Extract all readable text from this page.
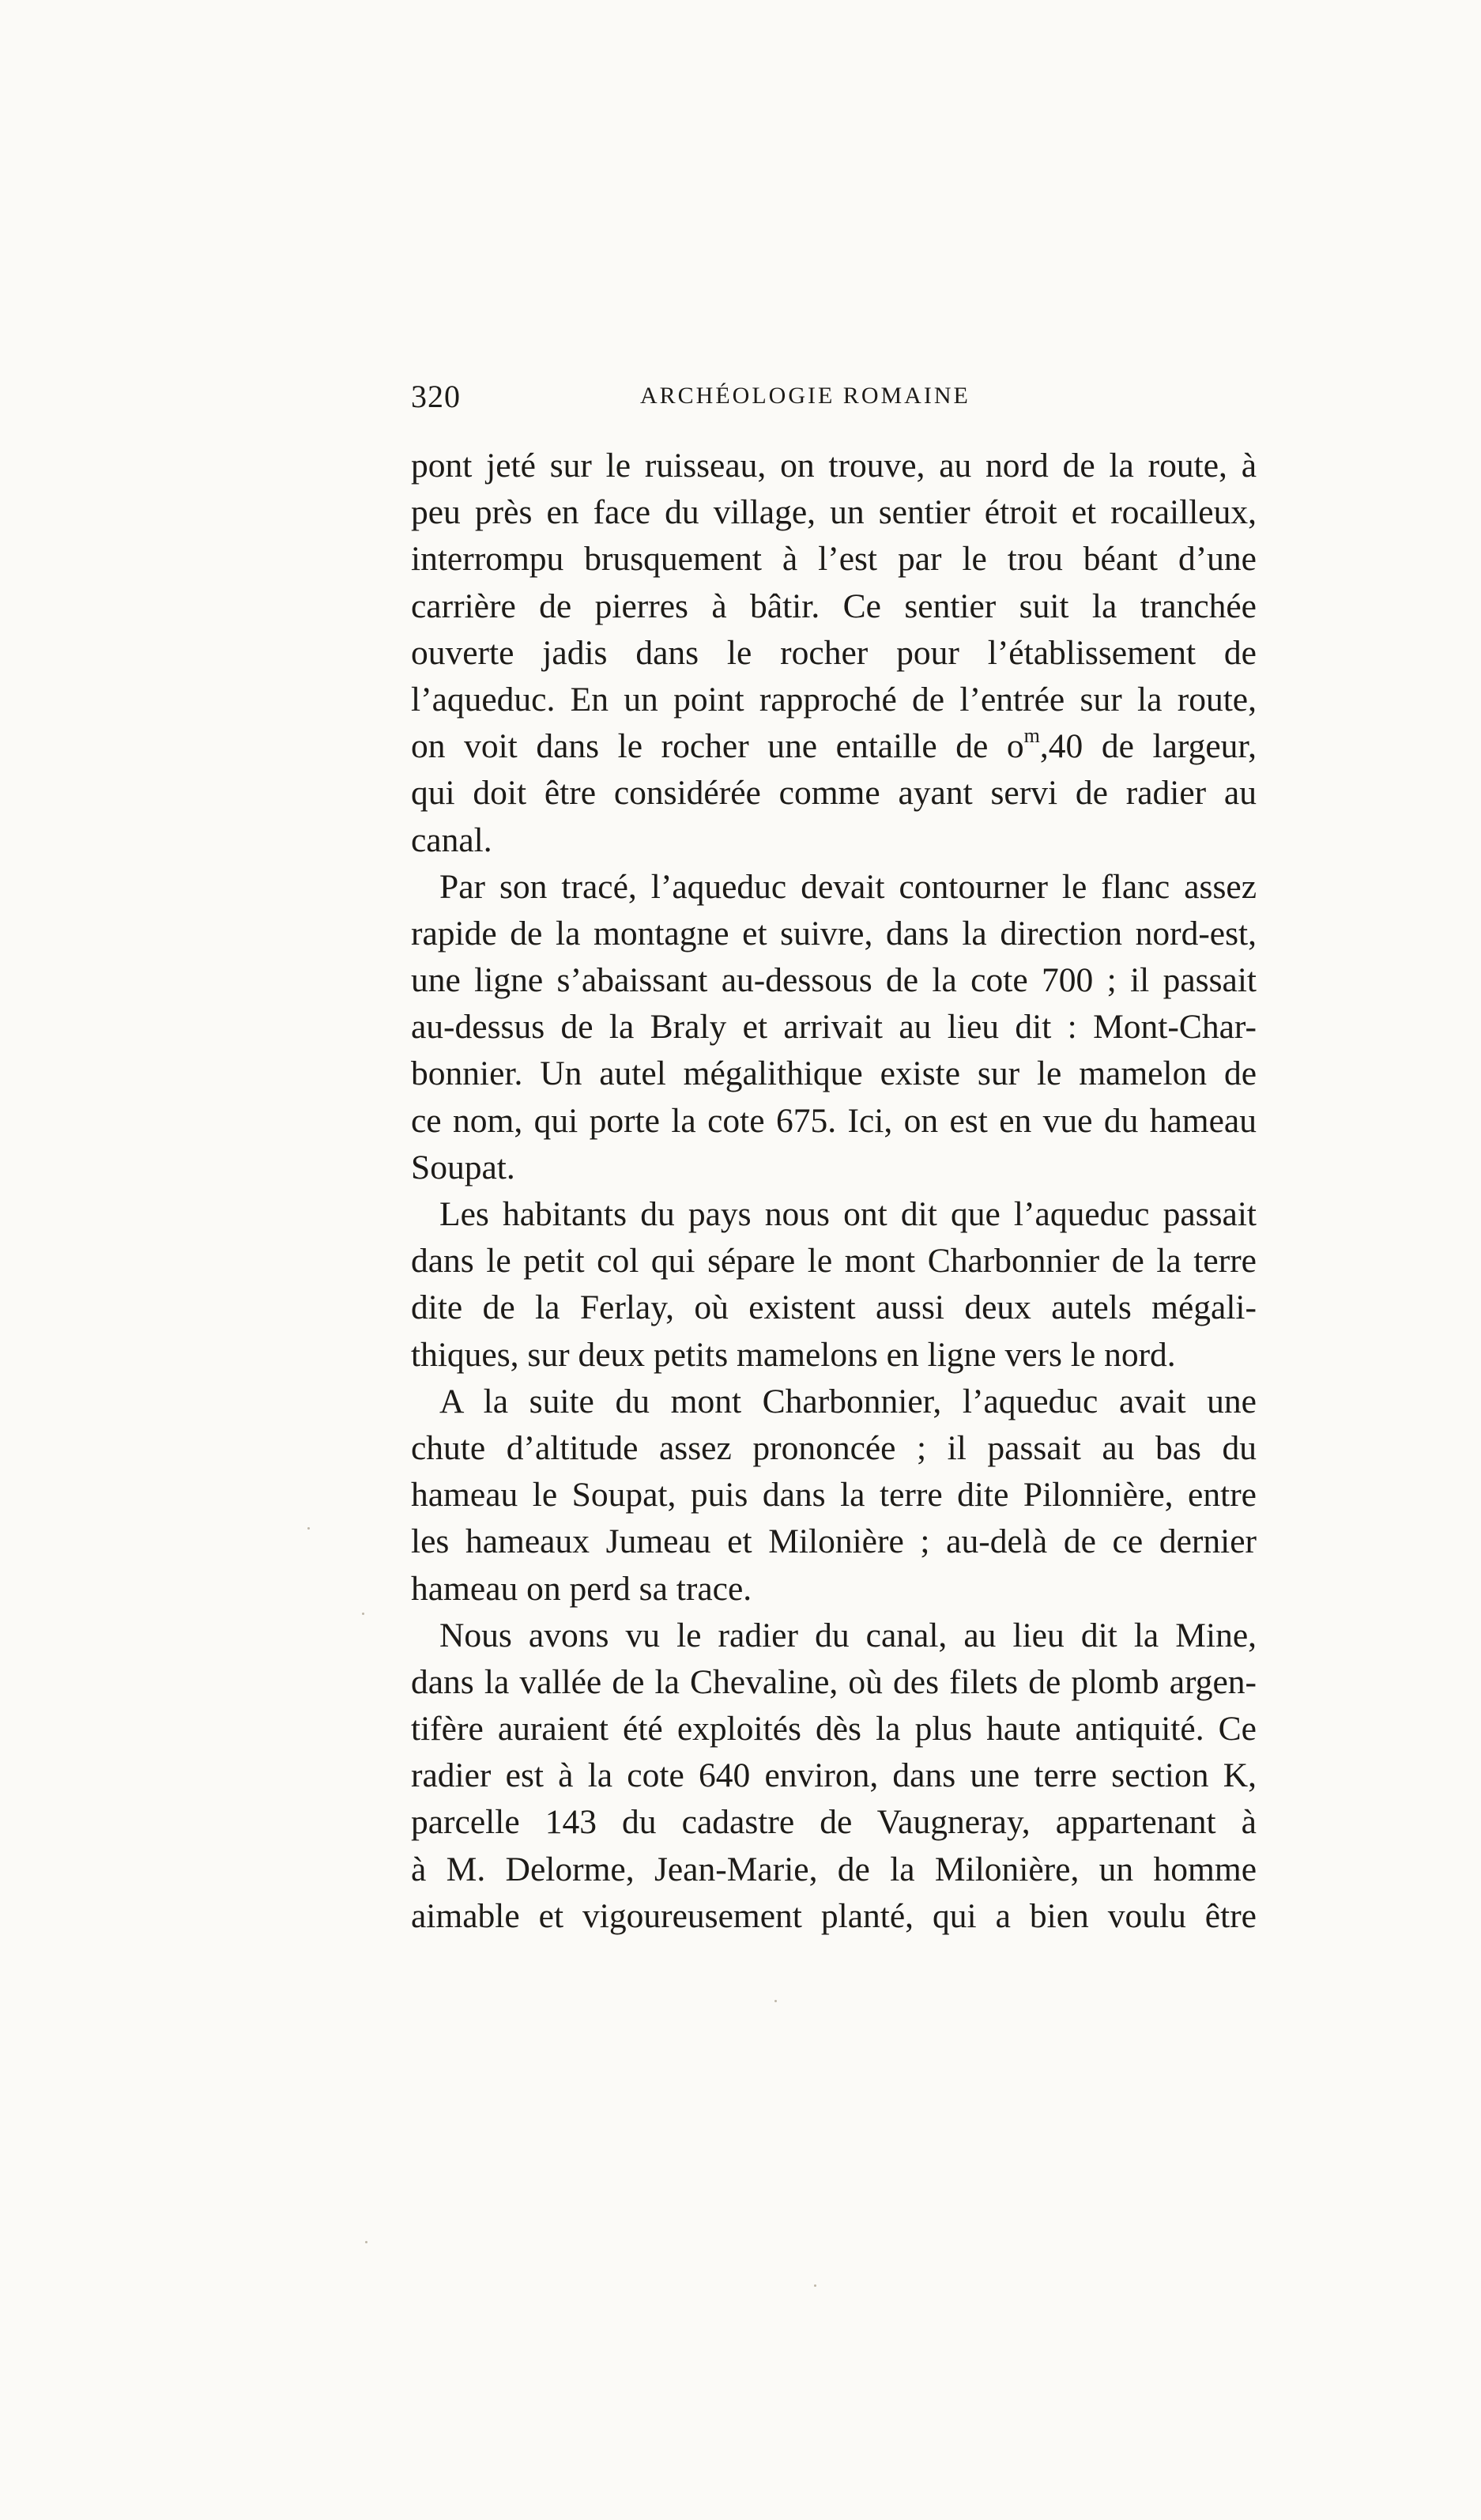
320	ARCHÉOLOGIE ROMAINE
pont jeté sur le ruisseau, on trouve, au nord de la route, à
peu près en face du village, un sentier étroit et rocailleux,
interrompu brusquement à l’est par le trou béant d’une
carrière de pierres à bâtir. Ce sentier suit la tranchée
ouverte jadis dans le rocher pour l’établissement de
l’aqueduc. En un point rapproché de l’entrée sur la route,
on voit dans le rocher une entaille de $o^m,40$ de largeur,
qui doit être considérée comme ayant servi de radier au
canal.
Par son tracé, l’aqueduc devait contourner le flanc assez
rapide de la montagne et suivre, dans la direction nord-est,
une ligne s’abaissant au-dessous de la cote 700 ; il passait
au-dessus de la Braly et arrivait au lieu dit : Mont-Char-
bonnier. Un autel mégalithique existe sur le mamelon de
ce nom, qui porte la cote 675. Ici, on est en vue du hameau
Soupat.
Les habitants du pays nous ont dit que l’aqueduc passait
dans le petit col qui sépare le mont Charbonnier de la terre
dite de la Ferlay, où existent aussi deux autels mégali-
thiques, sur deux petits mamelons en ligne vers le nord.
A la suite du mont Charbonnier, l’aqueduc avait une
chute d’altitude assez prononcée ; il passait au bas du
hameau le Soupat, puis dans la terre dite Pilonnière, entre
les hameaux Jumeau et Milonière ; au-delà de ce dernier
hameau on perd sa trace.
Nous avons vu le radier du canal, au lieu dit la Mine,
dans la vallée de la Chevaline, où des filets de plomb argen-
tifère auraient été exploités dès la plus haute antiquité. Ce
radier est à la cote 640 environ, dans une terre section K,
parcelle 143 du cadastre de Vaugneray, appartenant à
à M. Delorme, Jean-Marie, de la Milonière, un homme
aimable et vigoureusement planté, qui a bien voulu être
